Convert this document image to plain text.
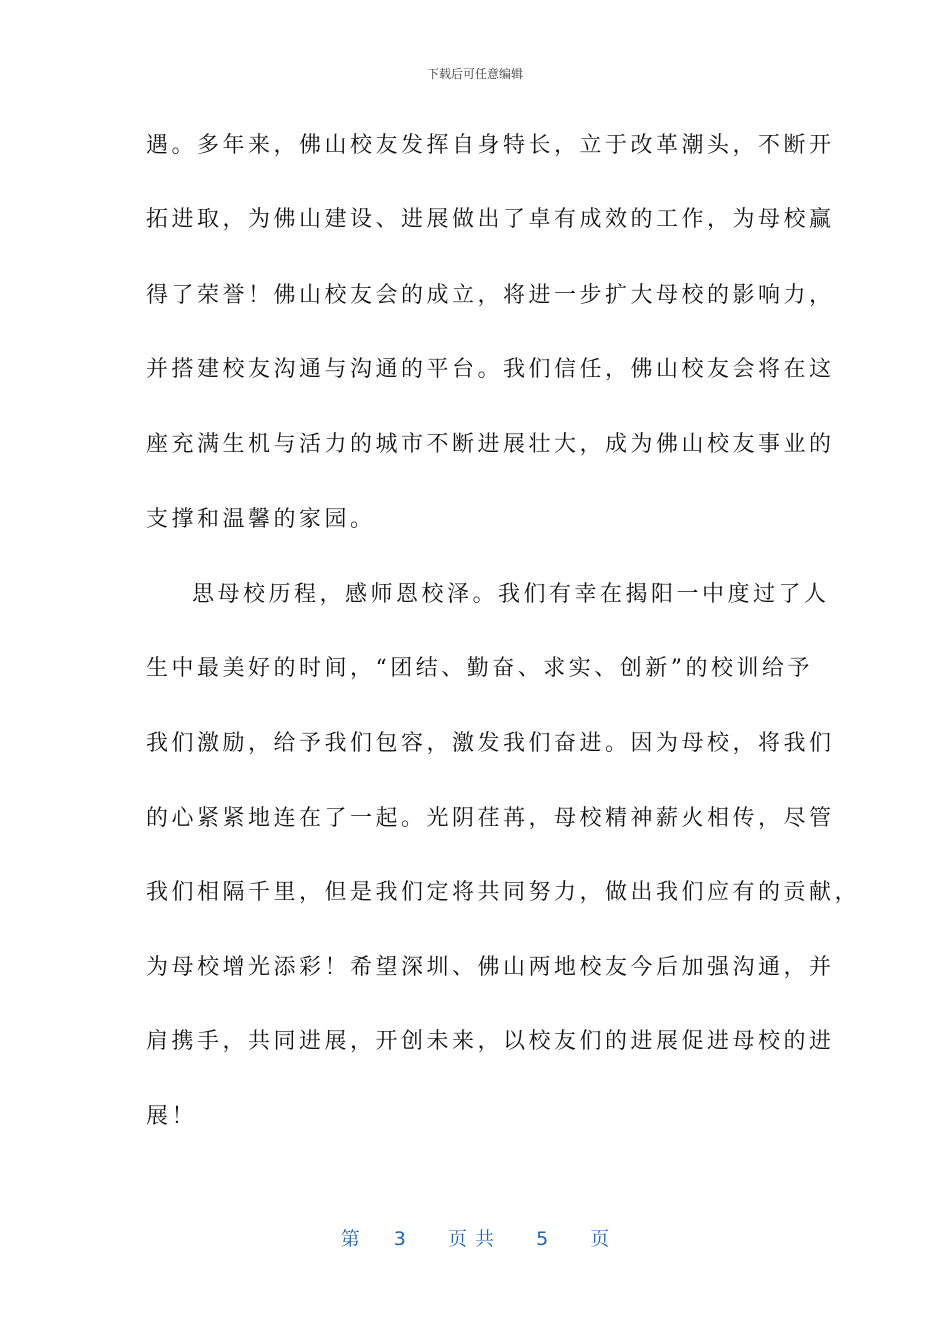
下载后可任意编辑
遇。多年来，佛山校友发挥自身特长，立于改革潮头，不断开
拓进取，为佛山建设、进展做出了卓有成效的工作，为母校赢
得了荣誉！佛山校友会的成立，将进一步扩大母校的影响力，
并搭建校友沟通与沟通的平台。我们信任，佛山校友会将在这
座充满生机与活力的城市不断进展壮大，成为佛山校友事业的
支撑和温馨的家园。
思母校历程，感师恩校泽。我们有幸在揭阳一中度过了人
生中最美好的时间，“团结、勤奋、求实、创新”的校训给予
我们激励，给予我们包容，激发我们奋进。因为母校，将我们
的心紧紧地连在了一起。光阴荏苒，母校精神薪火相传，尽管
我们相隔千里，但是我们定将共同努力，做出我们应有的贡献，
为母校增光添彩！希望深圳、佛山两地校友今后加强沟通，并
肩携手，共同进展，开创未来，以校友们的进展促进母校的进
展！
第 3 页共 5 页
